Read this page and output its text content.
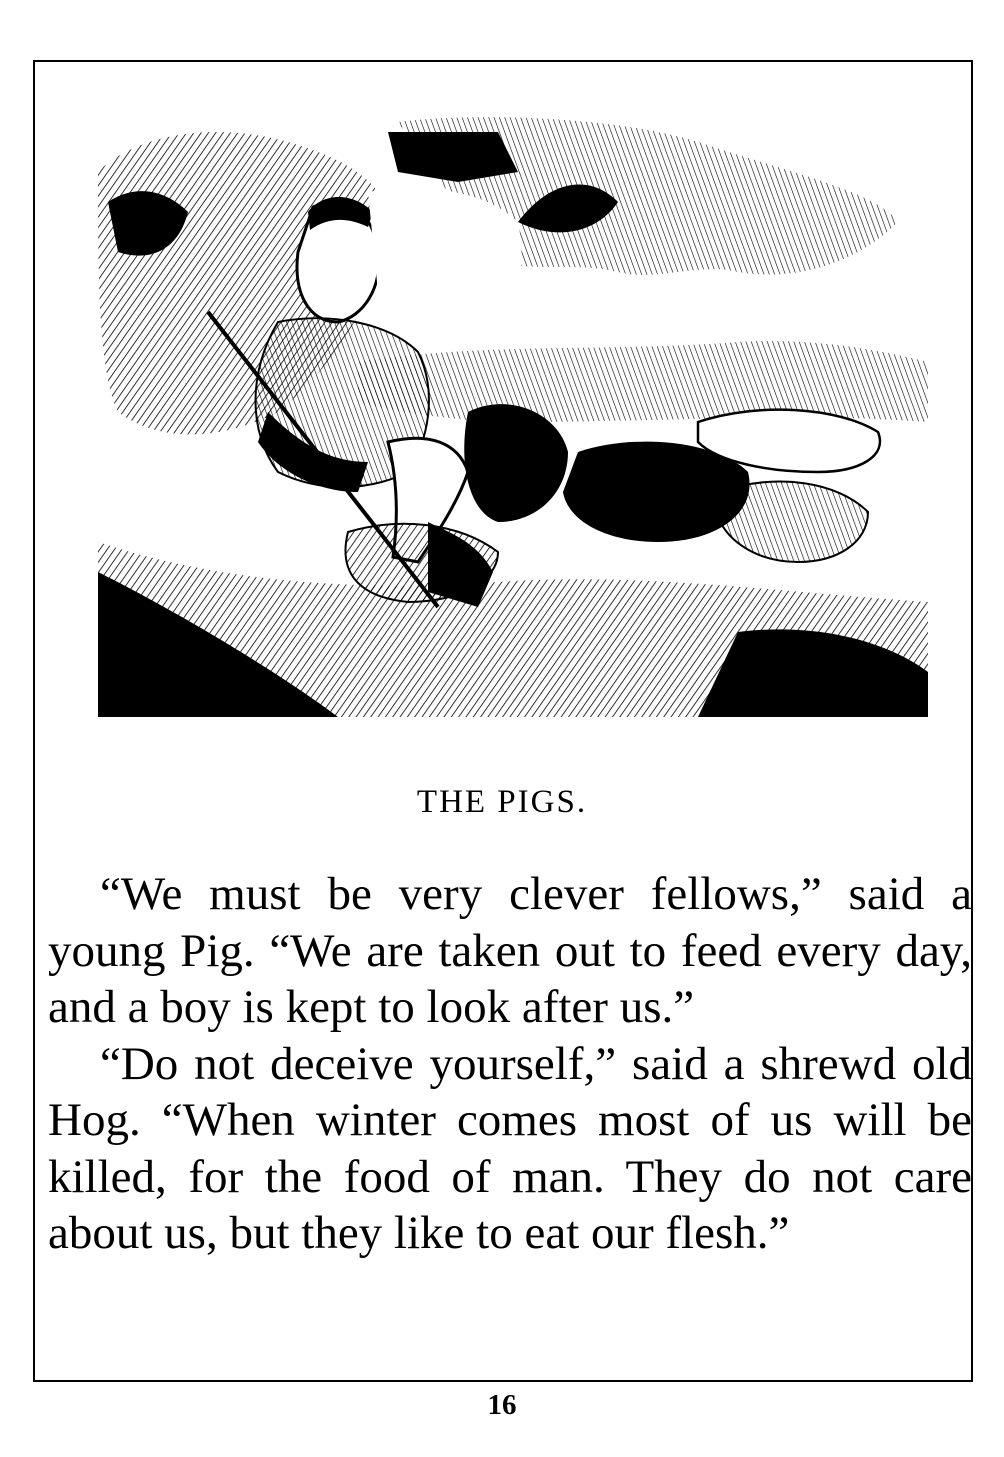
THE PIGS.

“We must be very clever fellows,” said a young Pig. “We are taken out to feed every day, and a boy is kept to look after us.”

“Do not deceive yourself,” said a shrewd old Hog. “When winter comes most of us will be killed, for the food of man. They do not care about us, but they like to eat our flesh.”

16
